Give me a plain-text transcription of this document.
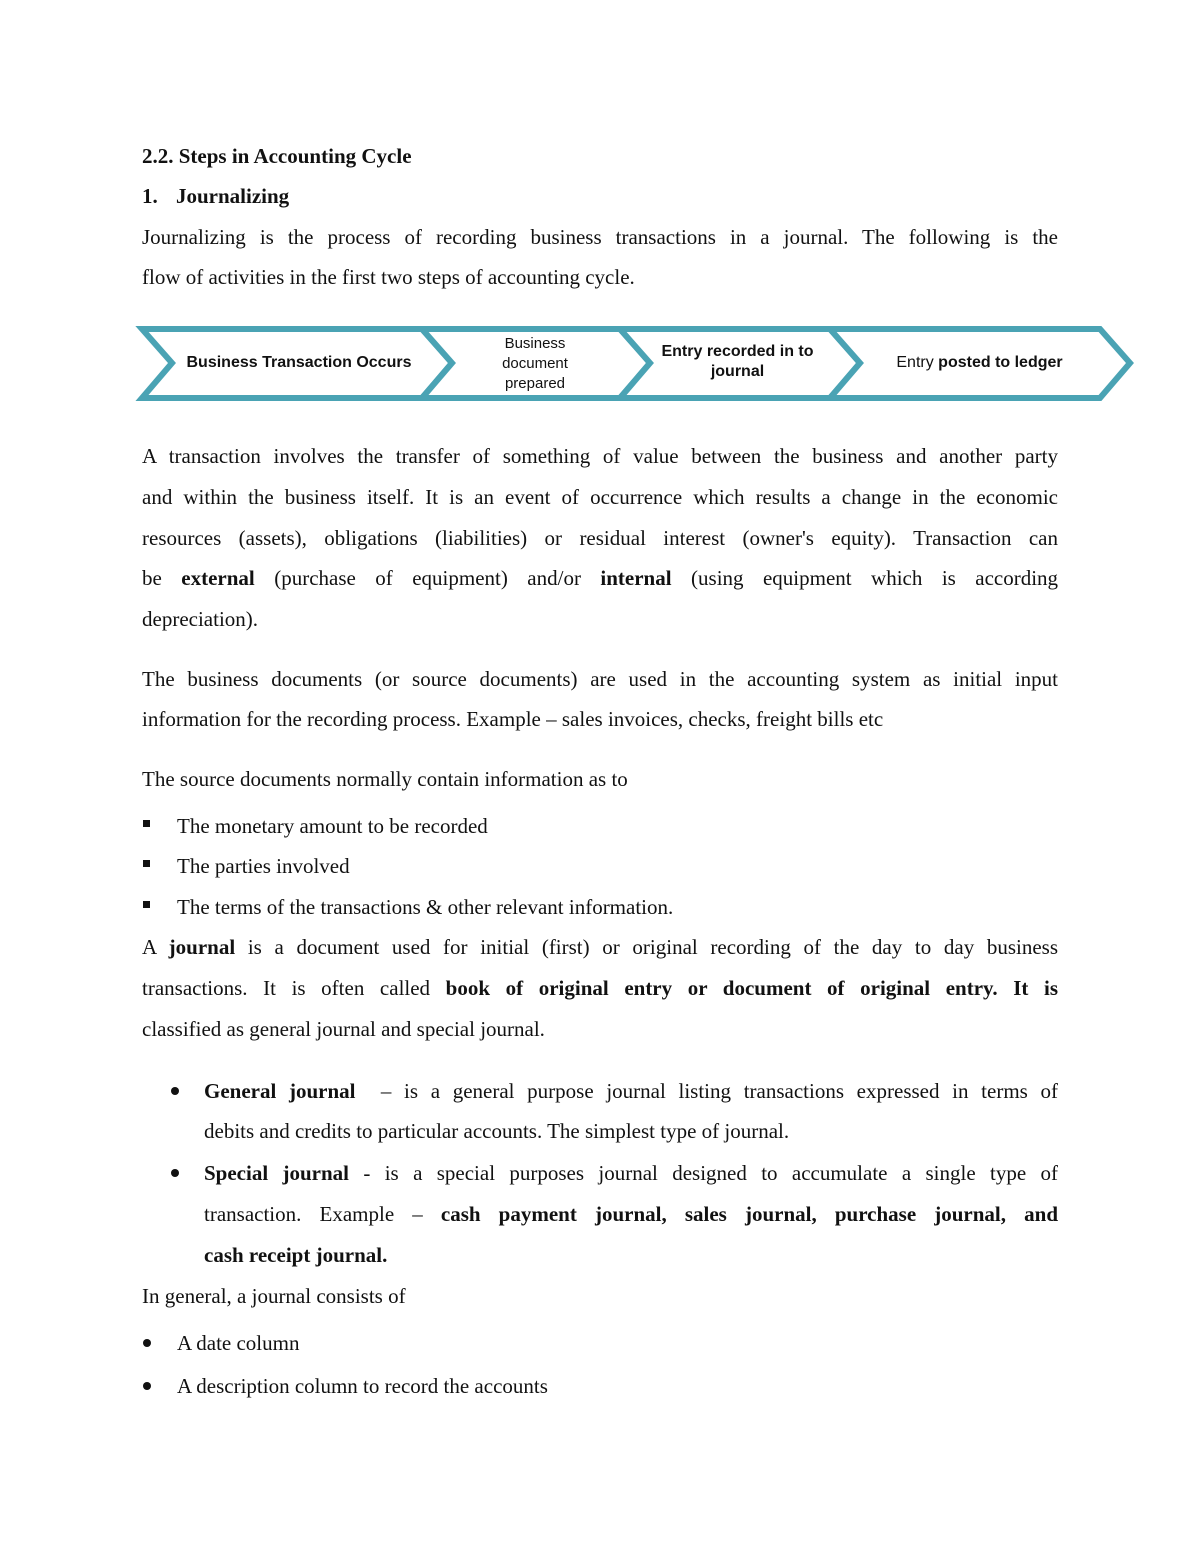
2.2. Steps in Accounting Cycle
1. Journalizing
Journalizing is the process of recording business transactions in a journal. The following is the
flow of activities in the first two steps of accounting cycle.
Business Transaction Occurs
Business
document
prepared
Entry recorded in to
journal
Entry posted to ledger
A transaction involves the transfer of something of value between the business and another party
and within the business itself. It is an event of occurrence which results a change in the economic
resources (assets), obligations (liabilities) or residual interest (owner's equity). Transaction can
be external (purchase of equipment) and/or internal (using equipment which is according
depreciation).
The business documents (or source documents) are used in the accounting system as initial input
information for the recording process. Example – sales invoices, checks, freight bills etc
The source documents normally contain information as to
The monetary amount to be recorded
The parties involved
The terms of the transactions & other relevant information.
A journal is a document used for initial (first) or original recording of the day to day business
transactions. It is often called book of original entry or document of original entry. It is
classified as general journal and special journal.
General journal – is a general purpose journal listing transactions expressed in terms of
debits and credits to particular accounts. The simplest type of journal.
Special journal - is a special purposes journal designed to accumulate a single type of
transaction. Example – cash payment journal, sales journal, purchase journal, and
cash receipt journal.
In general, a journal consists of
A date column
A description column to record the accounts
